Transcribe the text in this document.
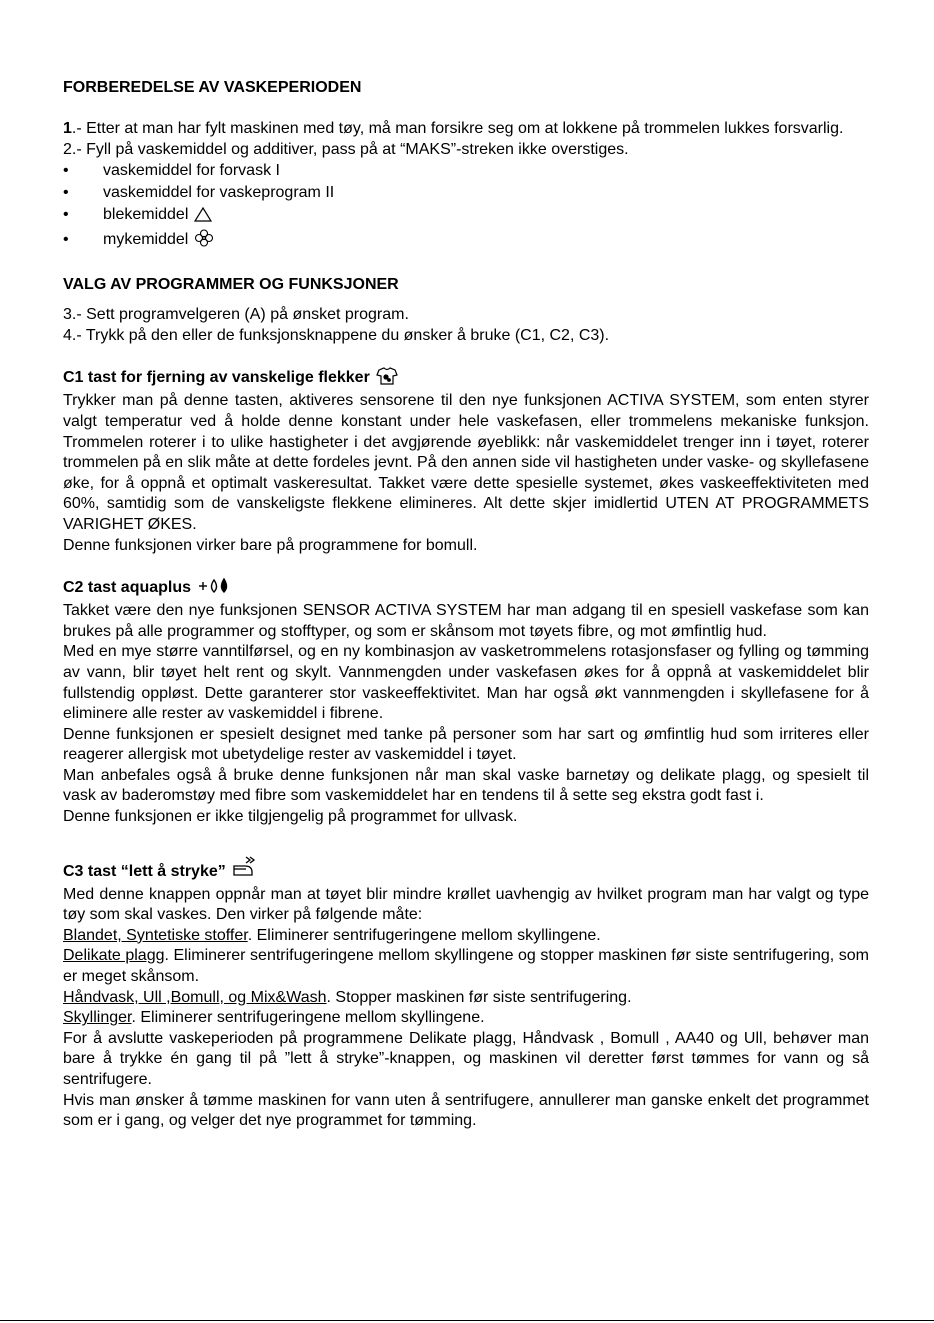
FORBEREDELSE AV VASKEPERIODEN

1.- Etter at man har fylt maskinen med tøy, må man forsikre seg om at lokkene på trommelen lukkes forsvarlig.

2.- Fyll på vaskemiddel og additiver, pass på at “MAKS”-streken ikke overstiges.

• vaskemiddel for forvask I
• vaskemiddel for vaskeprogram II
• blekemiddel
• mykemiddel

VALG AV PROGRAMMER OG FUNKSJONER

3.- Sett programvelgeren (A) på ønsket program.

4.- Trykk på den eller de funksjonsknappene du ønsker å bruke (C1, C2, C3).

C1 tast for fjerning av vanskelige flekker

Trykker man på denne tasten, aktiveres sensorene til den nye funksjonen ACTIVA SYSTEM, som enten styrer valgt temperatur ved å holde denne konstant under hele vaskefasen, eller trommelens mekaniske funksjon. Trommelen roterer i to ulike hastigheter i det avgjørende øyeblikk: når vaskemiddelet trenger inn i tøyet, roterer trommelen på en slik måte at dette fordeles jevnt. På den annen side vil hastigheten under vaske- og skyllefasene øke, for å oppnå et optimalt vaskeresultat. Takket være dette spesielle systemet, økes vaskeeffektiviteten med 60%, samtidig som de vanskeligste flekkene elimineres. Alt dette skjer imidlertid UTEN AT PROGRAMMETS VARIGHET ØKES.

Denne funksjonen virker bare på programmene for bomull.

C2 tast aquaplus

Takket være den nye funksjonen SENSOR ACTIVA SYSTEM har man adgang til en spesiell vaskefase som kan brukes på alle programmer og stofftyper, og som er skånsom mot tøyets fibre, og mot ømfintlig hud.

Med en mye større vanntilførsel, og en ny kombinasjon av vasketrommelens rotasjonsfaser og fylling og tømming av vann, blir tøyet helt rent og skylt. Vannmengden under vaskefasen økes for å oppnå at vaskemiddelet blir fullstendig oppløst. Dette garanterer stor vaskeeffektivitet. Man har også økt vannmengden i skyllefasene for å eliminere alle rester av vaskemiddel i fibrene.

Denne funksjonen er spesielt designet med tanke på personer som har sart og ømfintlig hud som irriteres eller reagerer allergisk mot ubetydelige rester av vaskemiddel i tøyet.

Man anbefales også å bruke denne funksjonen når man skal vaske barnetøy og delikate plagg, og spesielt til vask av baderomstøy med fibre som vaskemiddelet har en tendens til å sette seg ekstra godt fast i.

Denne funksjonen er ikke tilgjengelig på programmet for ullvask.

C3 tast “lett å stryke”

Med denne knappen oppnår man at tøyet blir mindre krøllet uavhengig av hvilket program man har valgt og type tøy som skal vaskes. Den virker på følgende måte:

Blandet, Syntetiske stoffer. Eliminerer sentrifugeringene mellom skyllingene.

Delikate plagg. Eliminerer sentrifugeringene mellom skyllingene og stopper maskinen før siste sentrifugering, som er meget skånsom.

Håndvask, Ull ,Bomull, og Mix&Wash. Stopper maskinen før siste sentrifugering.

Skyllinger. Eliminerer sentrifugeringene mellom skyllingene.

For å avslutte vaskeperioden på programmene Delikate plagg, Håndvask , Bomull , AA40 og Ull, behøver man bare å trykke én gang til på ”lett å stryke”-knappen, og maskinen vil deretter først tømmes for vann og så sentrifugere.

Hvis man ønsker å tømme maskinen for vann uten å sentrifugere, annullerer man ganske enkelt det programmet som er i gang, og velger det nye programmet for tømming.
